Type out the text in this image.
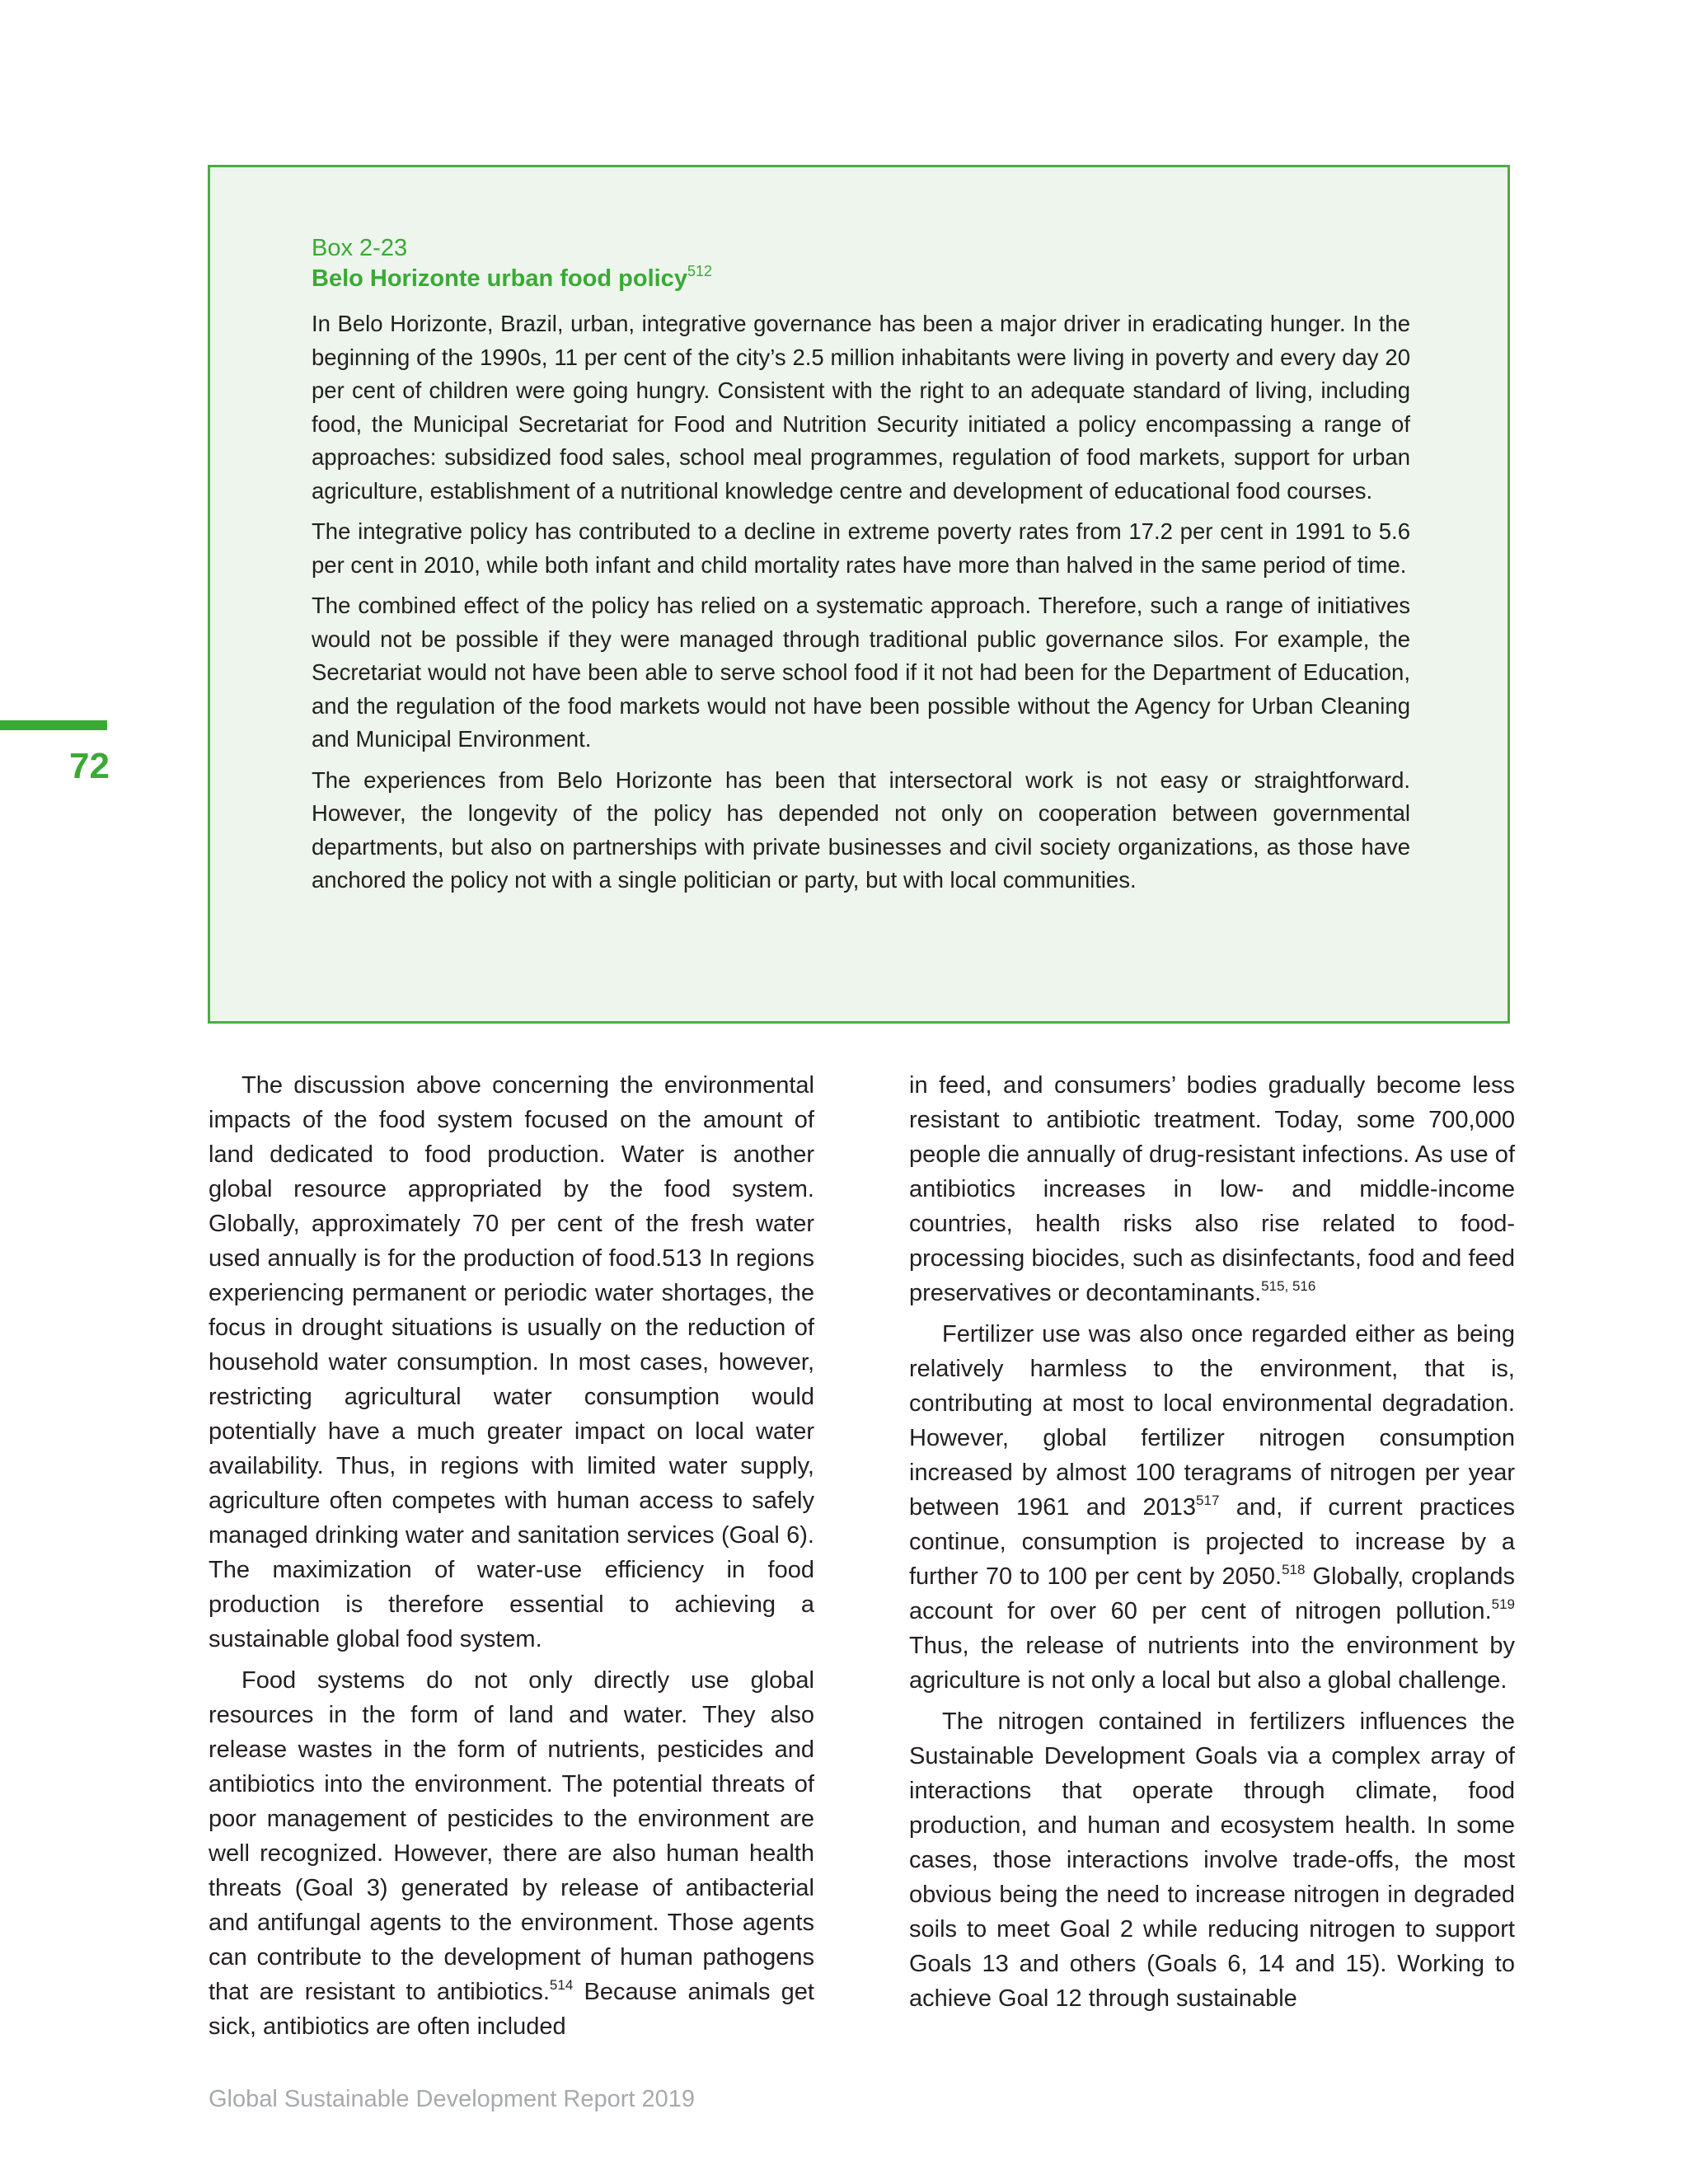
72
Box 2-23
Belo Horizonte urban food policy$^{512}$

In Belo Horizonte, Brazil, urban, integrative governance has been a major driver in eradicating hunger. In the beginning of the 1990s, 11 per cent of the city’s 2.5 million inhabitants were living in poverty and every day 20 per cent of children were going hungry. Consistent with the right to an adequate standard of living, including food, the Municipal Secretariat for Food and Nutrition Security initiated a policy encompassing a range of approaches: subsidized food sales, school meal programmes, regulation of food markets, support for urban agriculture, establishment of a nutritional knowledge centre and development of educational food courses.

The integrative policy has contributed to a decline in extreme poverty rates from 17.2 per cent in 1991 to 5.6 per cent in 2010, while both infant and child mortality rates have more than halved in the same period of time.

The combined effect of the policy has relied on a systematic approach. Therefore, such a range of initiatives would not be possible if they were managed through traditional public governance silos. For example, the Secretariat would not have been able to serve school food if it not had been for the Department of Education, and the regulation of the food markets would not have been possible without the Agency for Urban Cleaning and Municipal Environment.

The experiences from Belo Horizonte has been that intersectoral work is not easy or straightforward. However, the longevity of the policy has depended not only on cooperation between governmental departments, but also on partnerships with private businesses and civil society organizations, as those have anchored the policy not with a single politician or party, but with local communities.

The discussion above concerning the environmental impacts of the food system focused on the amount of land dedicated to food production. Water is another global resource appropriated by the food system. Globally, approximately 70 per cent of the fresh water used annually is for the production of food.513 In regions experiencing permanent or periodic water shortages, the focus in drought situations is usually on the reduction of household water consumption. In most cases, however, restricting agricultural water consumption would potentially have a much greater impact on local water availability. Thus, in regions with limited water supply, agriculture often competes with human access to safely managed drinking water and sanitation services (Goal 6). The maximization of water-use efficiency in food production is therefore essential to achieving a sustainable global food system.

Food systems do not only directly use global resources in the form of land and water. They also release wastes in the form of nutrients, pesticides and antibiotics into the environment. The potential threats of poor management of pesticides to the environment are well recognized. However, there are also human health threats (Goal 3) generated by release of antibacterial and antifungal agents to the environment. Those agents can contribute to the development of human pathogens that are resistant to antibiotics.$^{514}$ Because animals get sick, antibiotics are often included

in feed, and consumers’ bodies gradually become less resistant to antibiotic treatment. Today, some 700,000 people die annually of drug-resistant infections. As use of antibiotics increases in low- and middle-income countries, health risks also rise related to food-processing biocides, such as disinfectants, food and feed preservatives or decontaminants.$^{515, 516}$

Fertilizer use was also once regarded either as being relatively harmless to the environment, that is, contributing at most to local environmental degradation. However, global fertilizer nitrogen consumption increased by almost 100 teragrams of nitrogen per year between 1961 and 2013$^{517}$ and, if current practices continue, consumption is projected to increase by a further 70 to 100 per cent by 2050.$^{518}$ Globally, croplands account for over 60 per cent of nitrogen pollution.$^{519}$ Thus, the release of nutrients into the environment by agriculture is not only a local but also a global challenge.

The nitrogen contained in fertilizers influences the Sustainable Development Goals via a complex array of interactions that operate through climate, food production, and human and ecosystem health. In some cases, those interactions involve trade-offs, the most obvious being the need to increase nitrogen in degraded soils to meet Goal 2 while reducing nitrogen to support Goals 13 and others (Goals 6, 14 and 15). Working to achieve Goal 12 through sustainable

Global Sustainable Development Report 2019
